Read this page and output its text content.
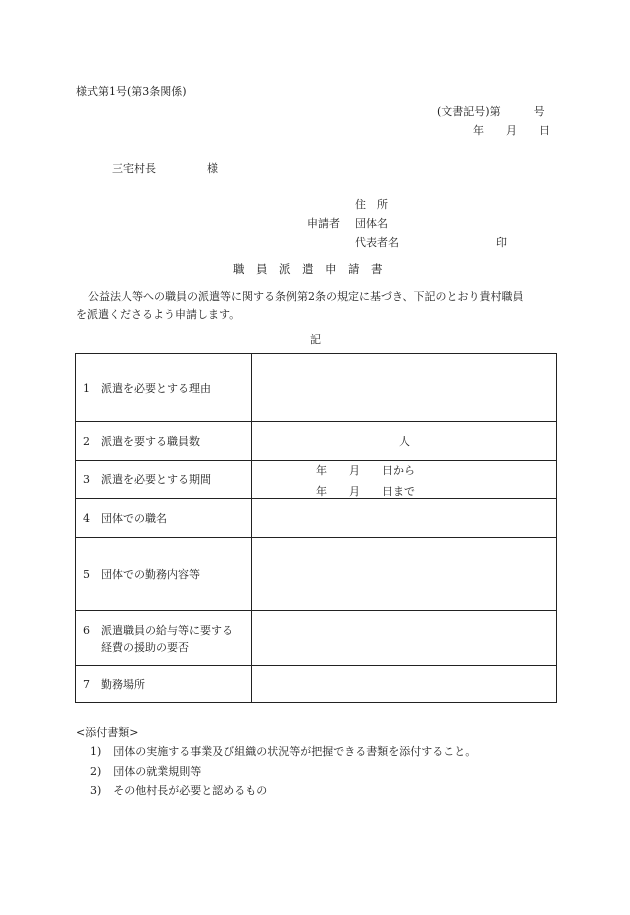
様式第1号(第3条関係)
(文書記号)第　　　号
年　　月　　日
三宅村長	様
住　所
申請者 団体名
代表者名	印
職　員　派　遣　申　請　書
公益法人等への職員の派遣等に関する条例第2条の規定に基づき、下記のとおり貴村職員
を派遣くださるよう申請します。
記
1　 派遣を必要とする理由
2　 派遣を要する職員数	人
3　 派遣を必要とする期間
年　　月　　日から
年　　月　　日まで
4　 団体での職名
5　 団体での勤務内容等
6　 派遣職員の給与等に要する
経費の援助の要否
7　 勤務場所
<添付書類>
1) 団体の実施する事業及び組織の状況等が把握できる書類を添付すること。
2) 団体の就業規則等
3) その他村長が必要と認めるもの
